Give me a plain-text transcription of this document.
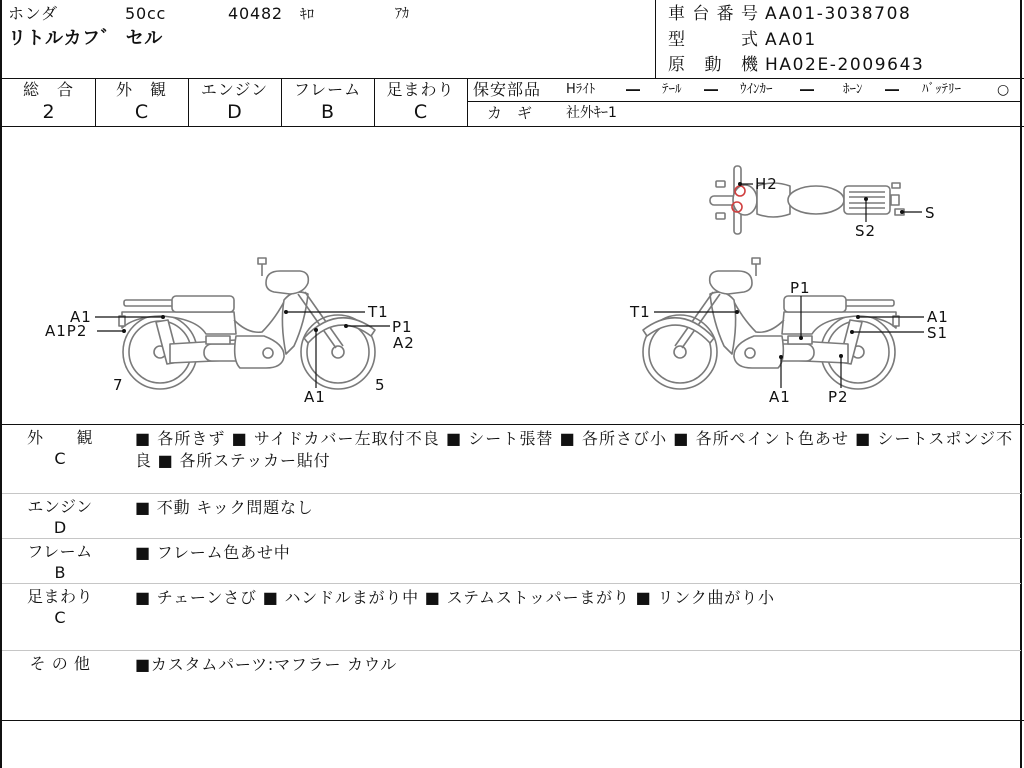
ホンダ	50cc	40482 ｷﾛ	ｱｶ
リトルカフ゛ セル
車台番号 AA01-3038708
型　　式 AA01
原 動 機 HA02E-2009643
総　合
2
外　観
C
エンジン
D
フレーム
B
足まわり
C
保安部品 Hﾗｲﾄ ― ﾃｰﾙ ― ｳｲﾝｶｰ ― ﾎｰﾝ ― ﾊﾞｯﾃﾘｰ	○
カ　ギ 社外ｷｰ1
H2
S
S2
A1
A1P2
T1
P1
A2
7	5
A1
P1
T1	A1
S1
A1 P2
外　　観
C
■ 各所きず ■ サイドカバー左取付不良 ■ シート張替 ■ 各所さび小 ■ 各所ペイント色あせ ■ シートスポンジ不良 ■ 各所ステッカー貼付
エンジン
D
■ 不動 キック問題なし
フレーム
B
■ フレーム色あせ中
足まわり
C
■ チェーンさび ■ ハンドルまがり中 ■ ステムストッパーまがり ■ リンク曲がり小
そ の 他	■カスタムパーツ:マフラー カウル
